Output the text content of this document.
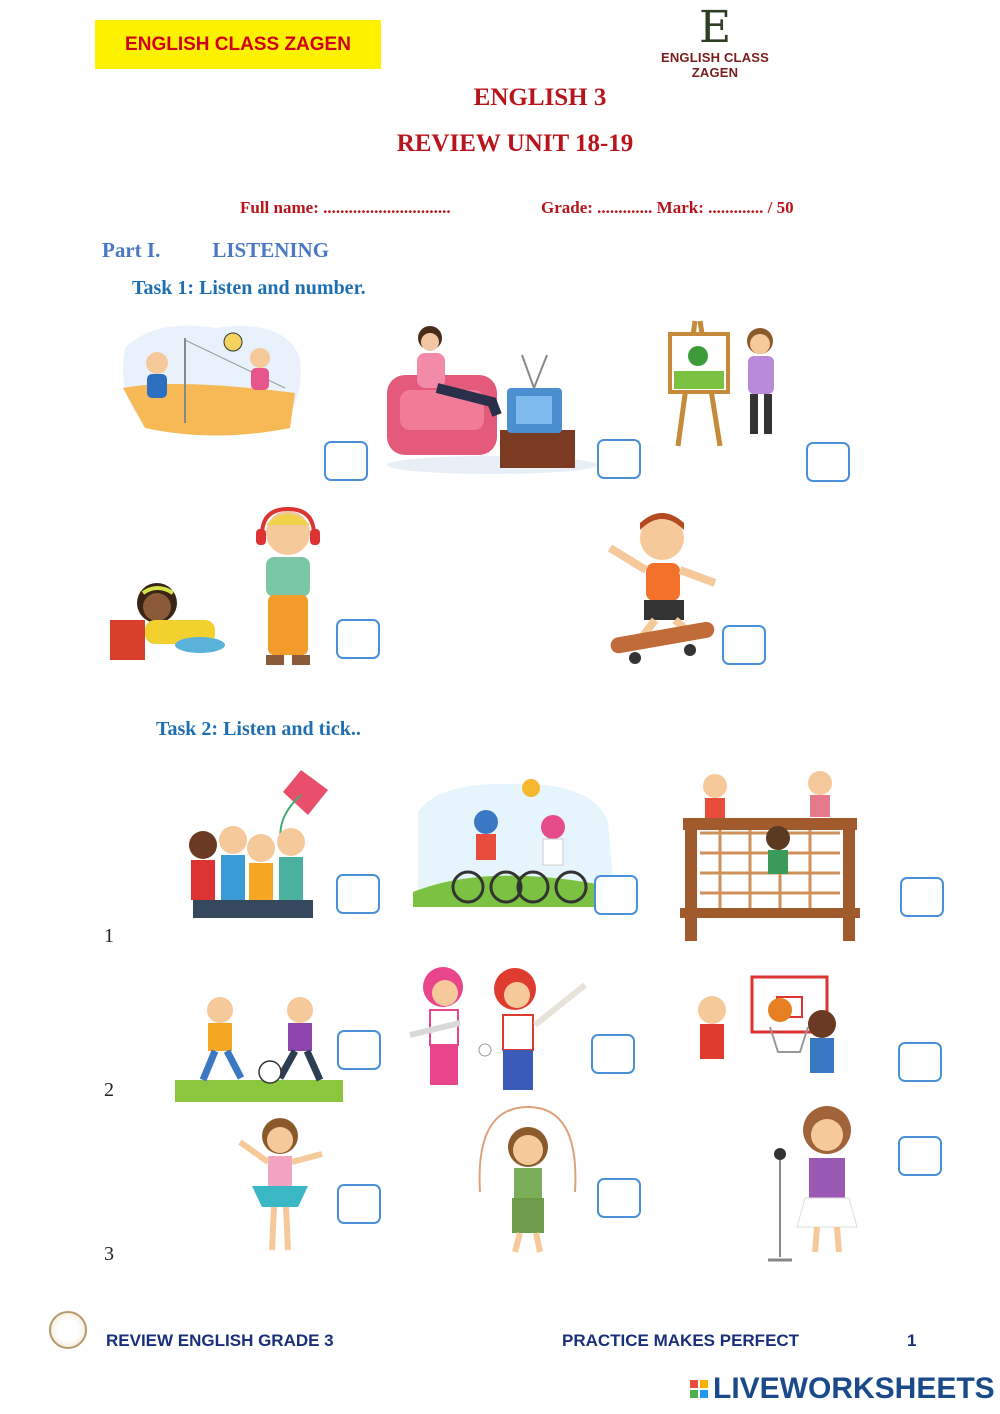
ENGLISH CLASS ZAGEN	E
ENGLISH CLASS ZAGEN
ENGLISH 3
REVIEW UNIT 18-19
Full name: ..............................	Grade: ............. Mark: ............. / 50
Part I. LISTENING
Task 1: Listen and number.
Task 2: Listen and tick..
1
2
3
REVIEW ENGLISH GRADE 3	PRACTICE MAKES PERFECT	1
LIVEWORKSHEETS
